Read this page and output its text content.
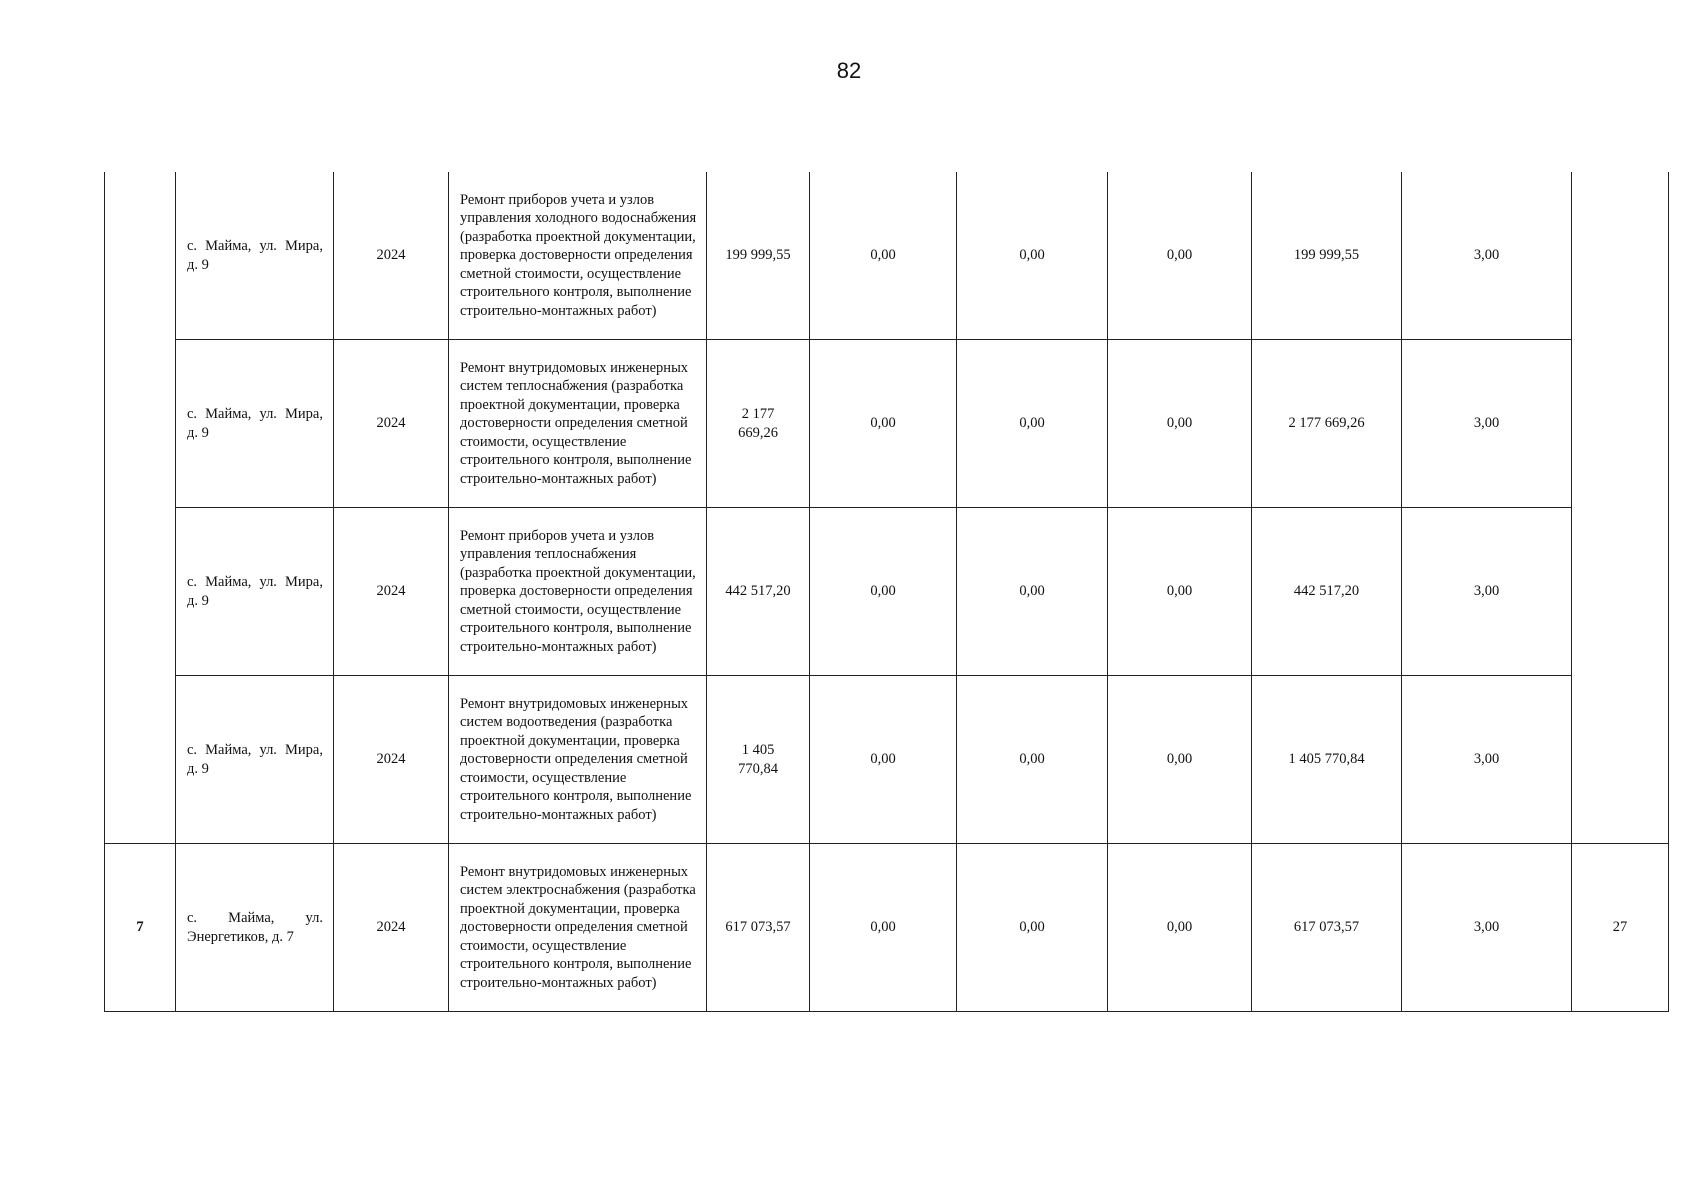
82
	с. Майма, ул. Мира, д. 9	2024	Ремонт приборов учета и узлов управления холодного водоснабжения (разработка проектной документации, проверка достоверности определения сметной стоимости, осуществление строительного контроля, выполнение строительно-монтажных работ)	199 999,55	0,00	0,00	0,00	199 999,55	3,00	
	с. Майма, ул. Мира, д. 9	2024	Ремонт внутридомовых инженерных систем теплоснабжения (разработка проектной документации, проверка достоверности определения сметной стоимости, осуществление строительного контроля, выполнение строительно-монтажных работ)	2 177 669,26	0,00	0,00	0,00	2 177 669,26	3,00	
	с. Майма, ул. Мира, д. 9	2024	Ремонт приборов учета и узлов управления теплоснабжения (разработка проектной документации, проверка достоверности определения сметной стоимости, осуществление строительного контроля, выполнение строительно-монтажных работ)	442 517,20	0,00	0,00	0,00	442 517,20	3,00	
	с. Майма, ул. Мира, д. 9	2024	Ремонт внутридомовых инженерных систем водоотведения (разработка проектной документации, проверка достоверности определения сметной стоимости, осуществление строительного контроля, выполнение строительно-монтажных работ)	1 405 770,84	0,00	0,00	0,00	1 405 770,84	3,00	
7	с. Майма, ул. Энергетиков, д. 7	2024	Ремонт внутридомовых инженерных систем электроснабжения (разработка проектной документации, проверка достоверности определения сметной стоимости, осуществление строительного контроля, выполнение строительно-монтажных работ)	617 073,57	0,00	0,00	0,00	617 073,57	3,00	27
